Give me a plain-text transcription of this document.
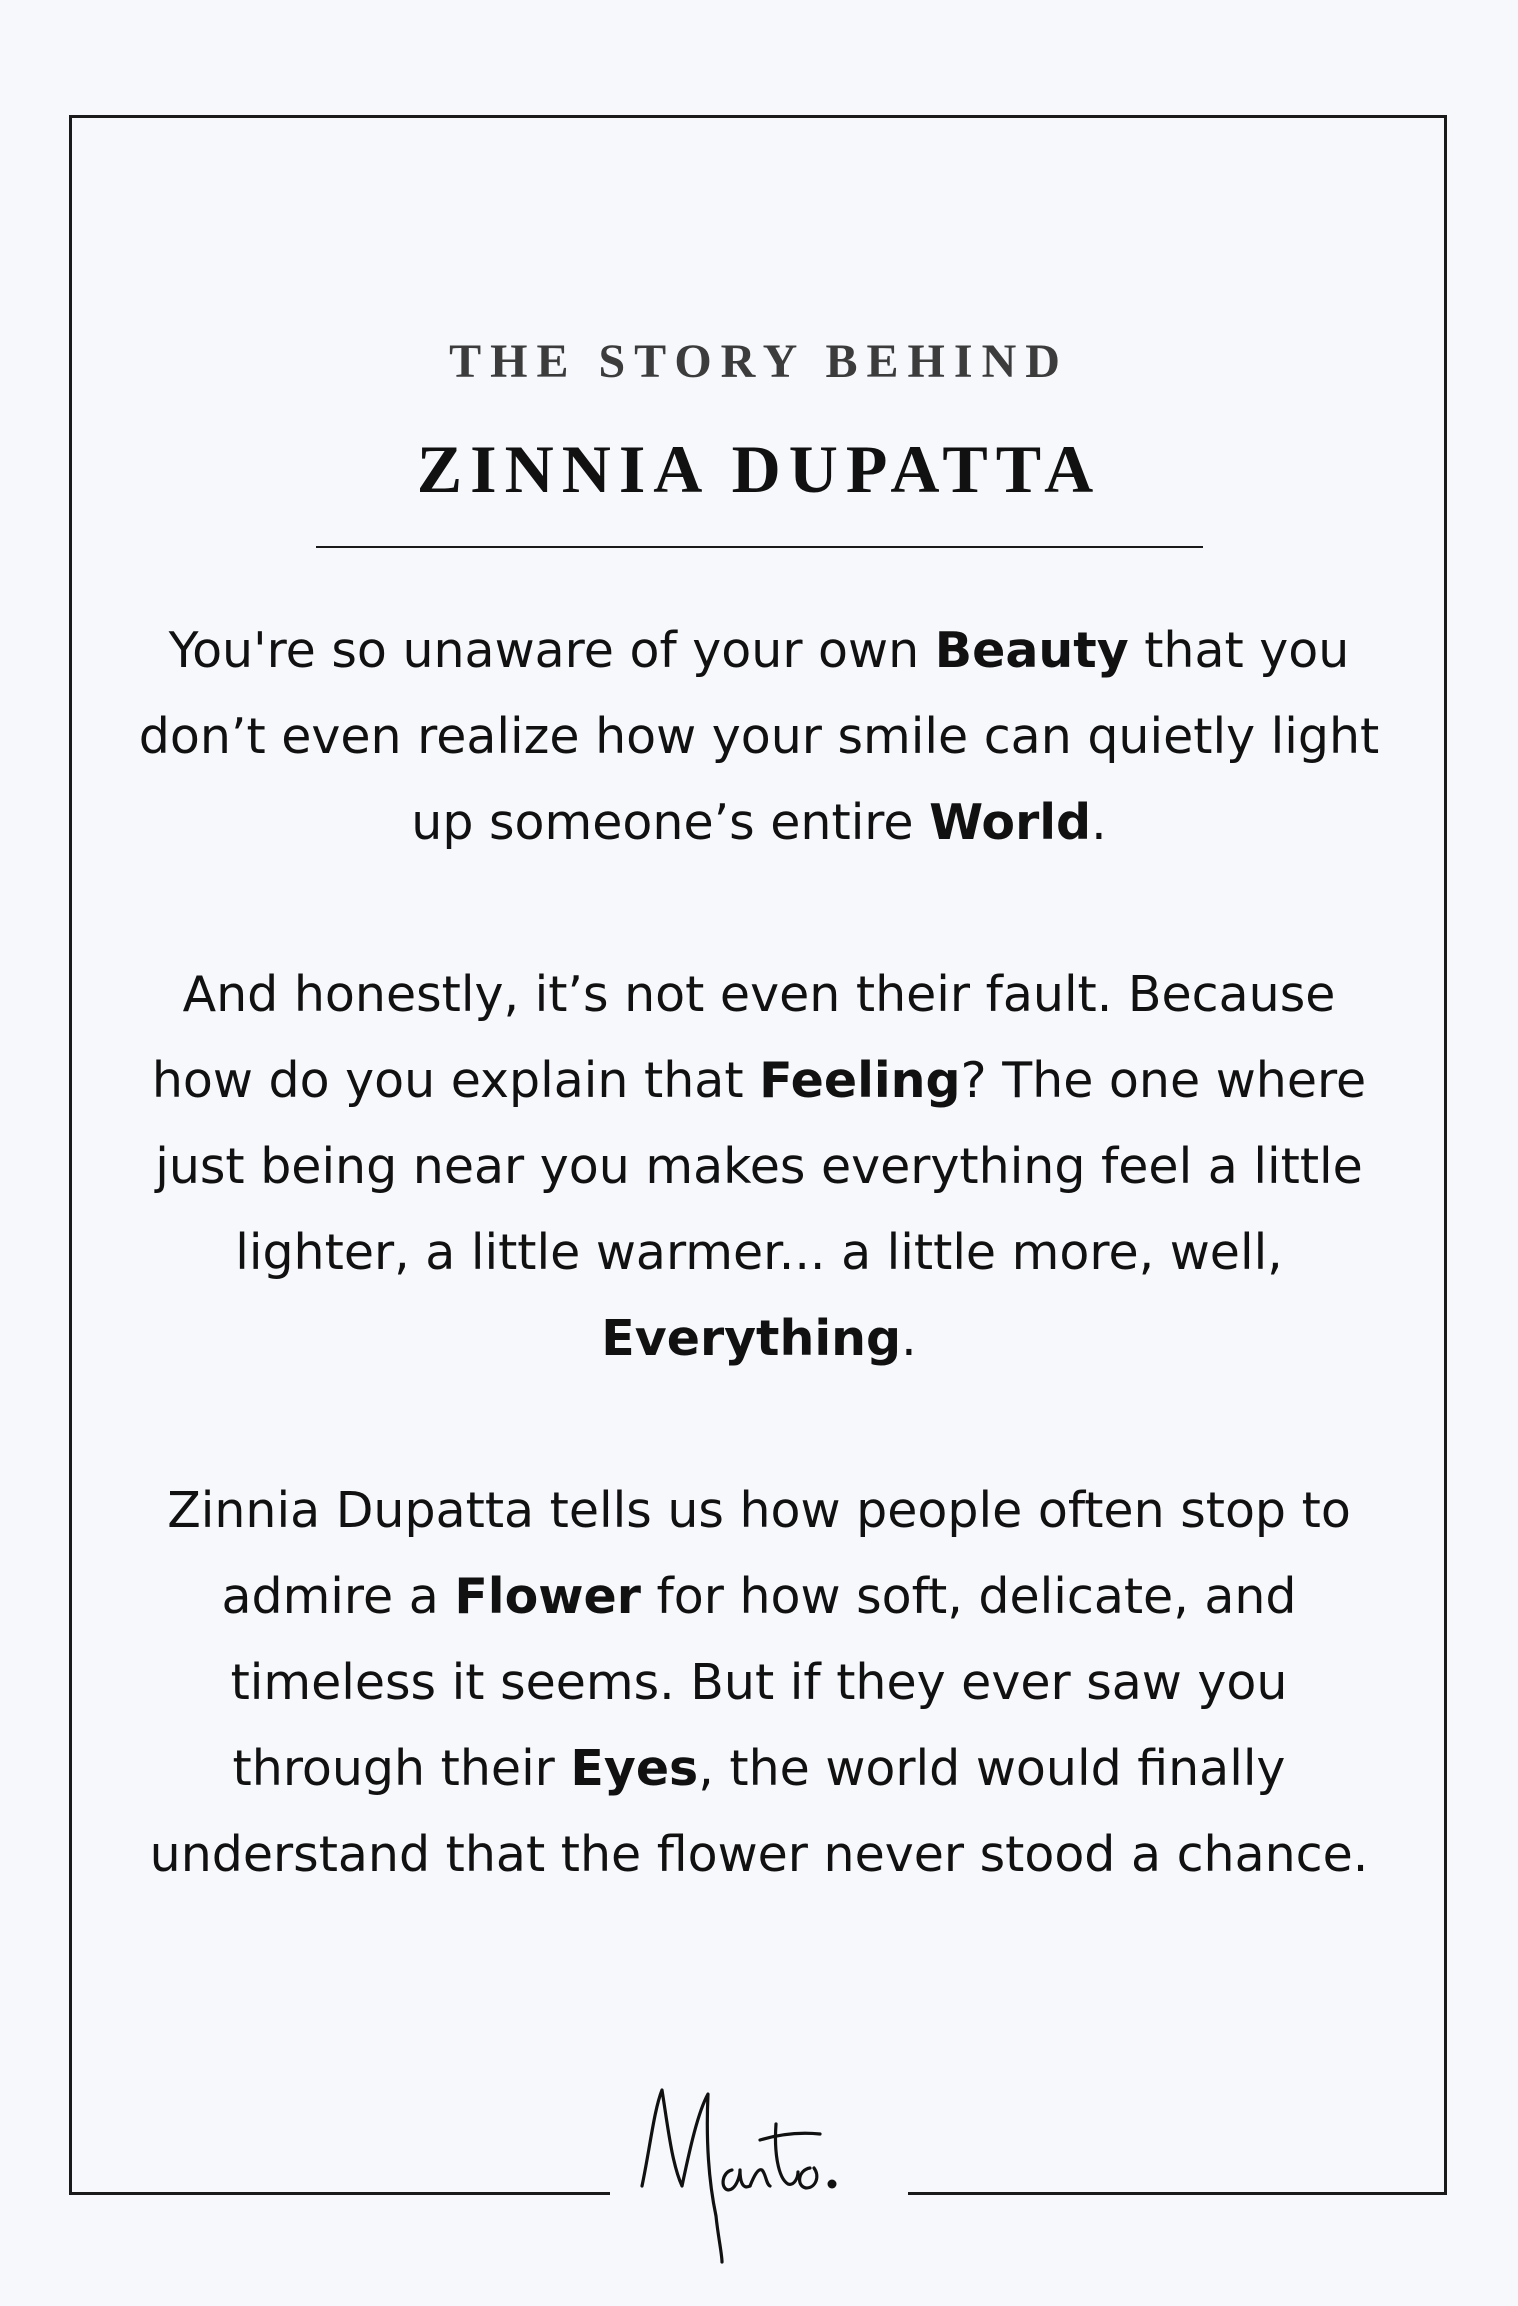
THE STORY BEHIND
ZINNIA DUPATTA

You're so unaware of your own Beauty that you don’t even realize how your smile can quietly light up someone’s entire World.

And honestly, it’s not even their fault. Because how do you explain that Feeling? The one where just being near you makes everything feel a little lighter, a little warmer... a little more, well, Everything.

Zinnia Dupatta tells us how people often stop to admire a Flower for how soft, delicate, and timeless it seems. But if they ever saw you through their Eyes, the world would finally understand that the flower never stood a chance.
